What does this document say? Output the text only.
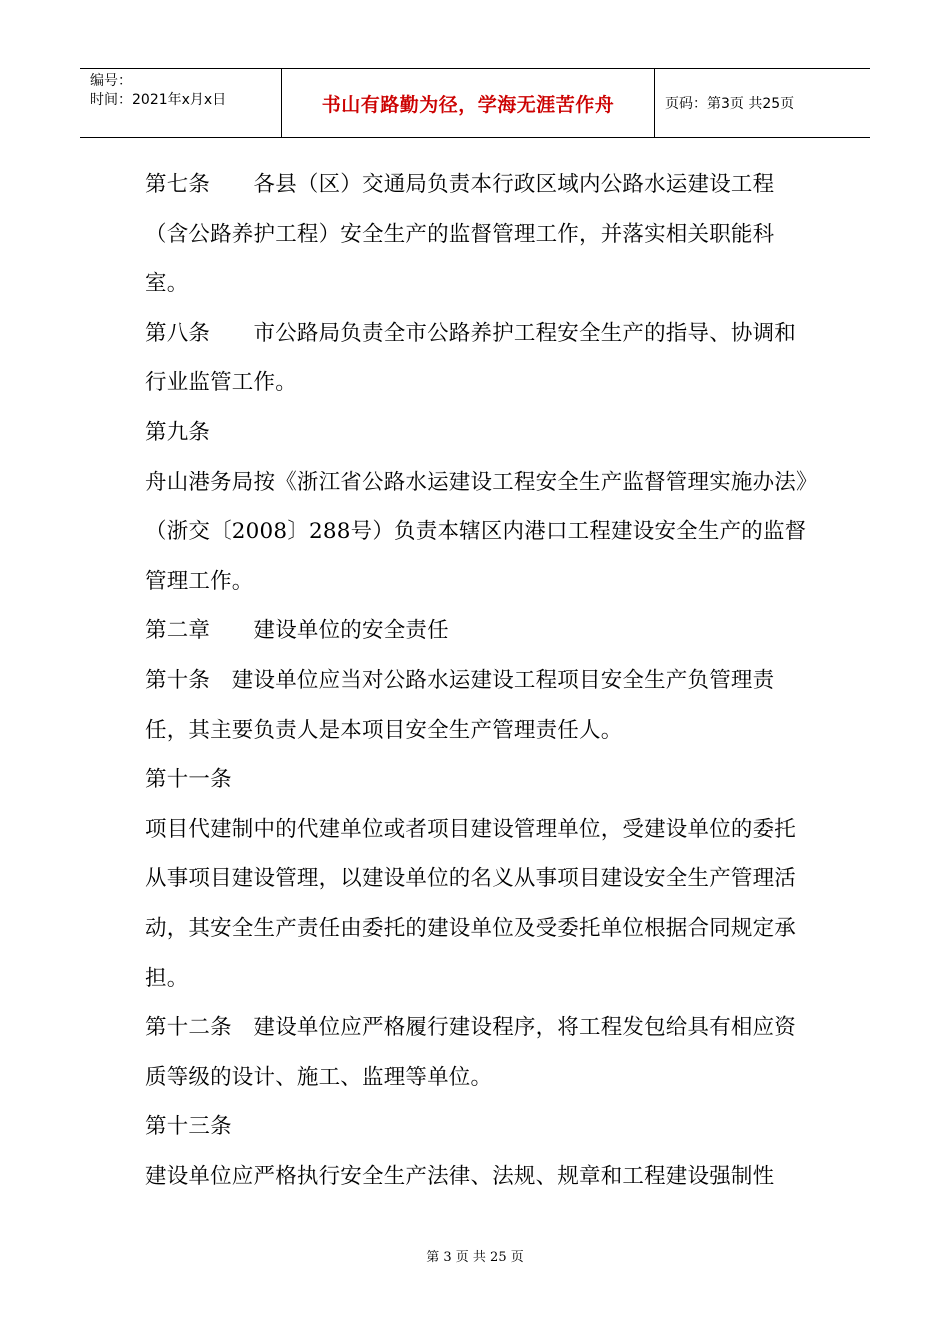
编号：
时间：2021年x月x日	书山有路勤为径，学海无涯苦作舟	页码：第3页 共25页

第七条　　各县（区）交通局负责本行政区域内公路水运建设工程（含公路养护工程）安全生产的监督管理工作，并落实相关职能科室。

第八条　　市公路局负责全市公路养护工程安全生产的指导、协调和行业监管工作。

第九条

舟山港务局按《浙江省公路水运建设工程安全生产监督管理实施办法》（浙交〔2008〕288号）负责本辖区内港口工程建设安全生产的监督管理工作。

第二章　　建设单位的安全责任

第十条　建设单位应当对公路水运建设工程项目安全生产负管理责任，其主要负责人是本项目安全生产管理责任人。

第十一条

项目代建制中的代建单位或者项目建设管理单位，受建设单位的委托从事项目建设管理，以建设单位的名义从事项目建设安全生产管理活动，其安全生产责任由委托的建设单位及受委托单位根据合同规定承担。

第十二条　建设单位应严格履行建设程序，将工程发包给具有相应资质等级的设计、施工、监理等单位。

第十三条

建设单位应严格执行安全生产法律、法规、规章和工程建设强制性

第 3 页 共 25 页
